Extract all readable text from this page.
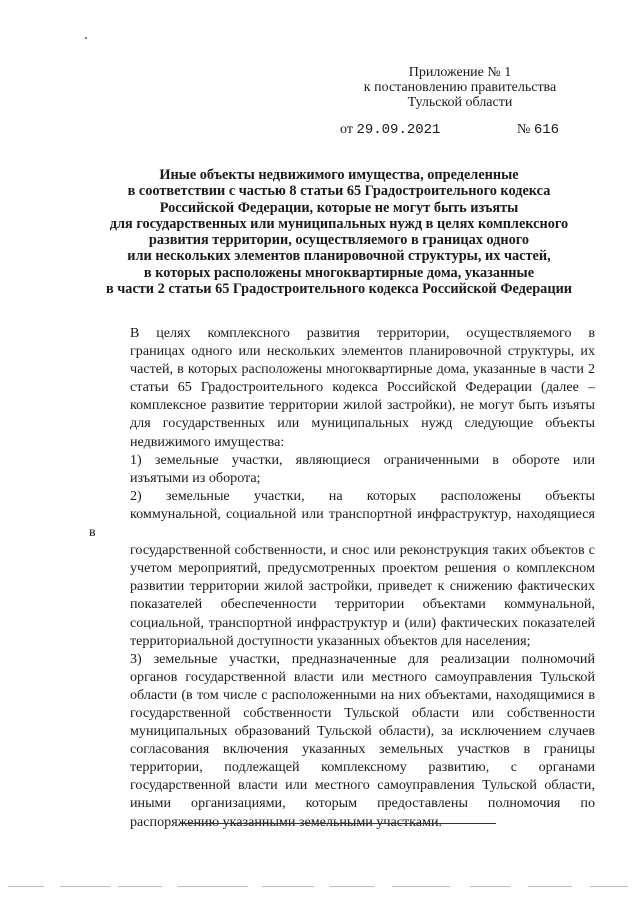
Приложение № 1
к постановлению правительства
Тульской области
от 29.09.2021	№ 616
Иные объекты недвижимого имущества, определенные
в соответствии с частью 8 статьи 65 Градостроительного кодекса
Российской Федерации, которые не могут быть изъяты
для государственных или муниципальных нужд в целях комплексного
развития территории, осуществляемого в границах одного
или нескольких элементов планировочной структуры, их частей,
в которых расположены многоквартирные дома, указанные
в части 2 статьи 65 Градостроительного кодекса Российской Федерации

В целях комплексного развития территории, осуществляемого в
границах одного или нескольких элементов планировочной структуры, их
частей, в которых расположены многоквартирные дома, указанные в части 2
статьи 65 Градостроительного кодекса Российской Федерации (далее –
комплексное развитие территории жилой застройки), не могут быть изъяты
для государственных или муниципальных нужд следующие объекты
недвижимого имущества:

1) земельные участки, являющиеся ограниченными в обороте или
изъятыми из оборота;

2) земельные участки, на которых расположены объекты
коммунальной, социальной или транспортной инфраструктур, находящиеся в
государственной собственности, и снос или реконструкция таких объектов с
учетом мероприятий, предусмотренных проектом решения о комплексном
развитии территории жилой застройки, приведет к снижению фактических
показателей обеспеченности территории объектами коммунальной,
социальной, транспортной инфраструктур и (или) фактических показателей
территориальной доступности указанных объектов для населения;

3) земельные участки, предназначенные для реализации полномочий
органов государственной власти или местного самоуправления Тульской
области (в том числе с расположенными на них объектами, находящимися в
государственной собственности Тульской области или собственности
муниципальных образований Тульской области), за исключением случаев
согласования включения указанных земельных участков в границы
территории, подлежащей комплексному развитию, с органами
государственной власти или местного самоуправления Тульской области,
иными организациями, которым предоставлены полномочия по
распоряжению указанными земельными участками.
